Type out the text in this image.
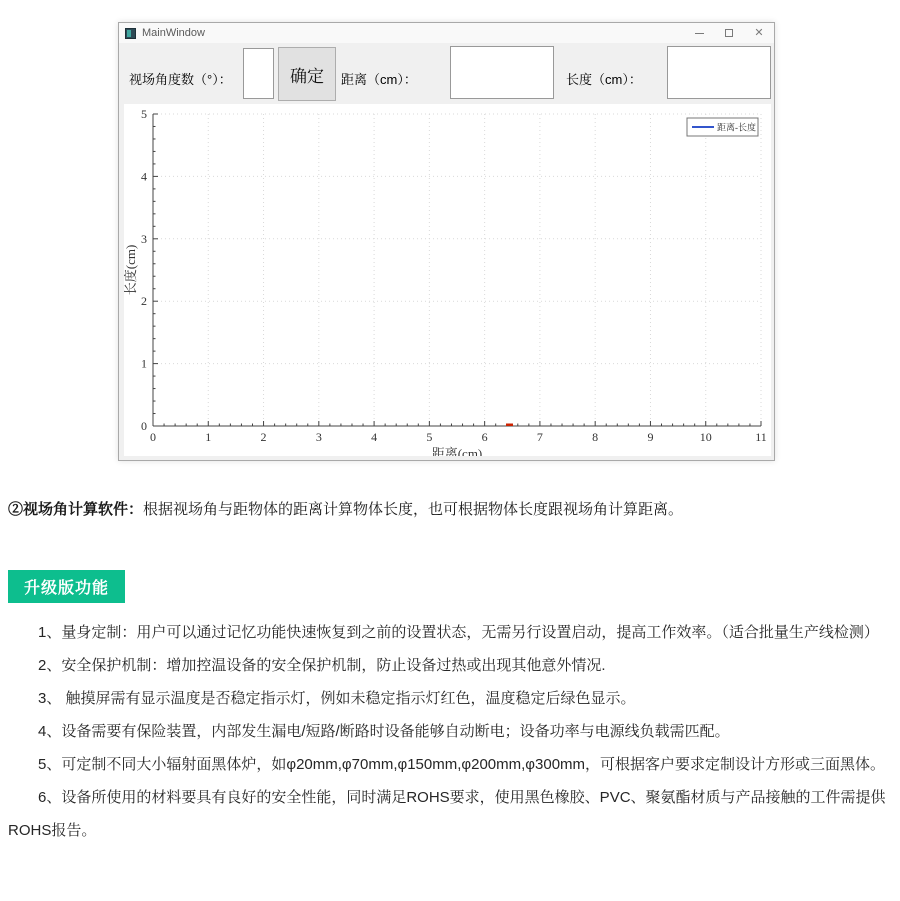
MainWindow	✕
视场角度数（°）：	确定	距离（cm）：	长度（cm）：
0	1	2	3	4	5	6	7	8	9	10	11
0
1
2
3
4
5
距离(cm)
长度(cm)
距离-长度
②视场角计算软件：根据视场角与距物体的距离计算物体长度，也可根据物体长度跟视场角计算距离。
升级版功能

1、量身定制：用户可以通过记忆功能快速恢复到之前的设置状态，无需另行设置启动，提高工作效率。（适合批量生产线检测）

2、安全保护机制：增加控温设备的安全保护机制，防止设备过热或出现其他意外情况.

3、 触摸屏需有显示温度是否稳定指示灯，例如未稳定指示灯红色，温度稳定后绿色显示。

4、设备需要有保险装置，内部发生漏电/短路/断路时设备能够自动断电；设备功率与电源线负载需匹配。

5、可定制不同大小辐射面黑体炉，如φ20mm,φ70mm,φ150mm,φ200mm,φ300mm，可根据客户要求定制设计方形或三面黑体。

6、设备所使用的材料要具有良好的安全性能，同时满足ROHS要求，使用黑色橡胶、PVC、聚氨酯材质与产品接触的工件需提供ROHS报告。
